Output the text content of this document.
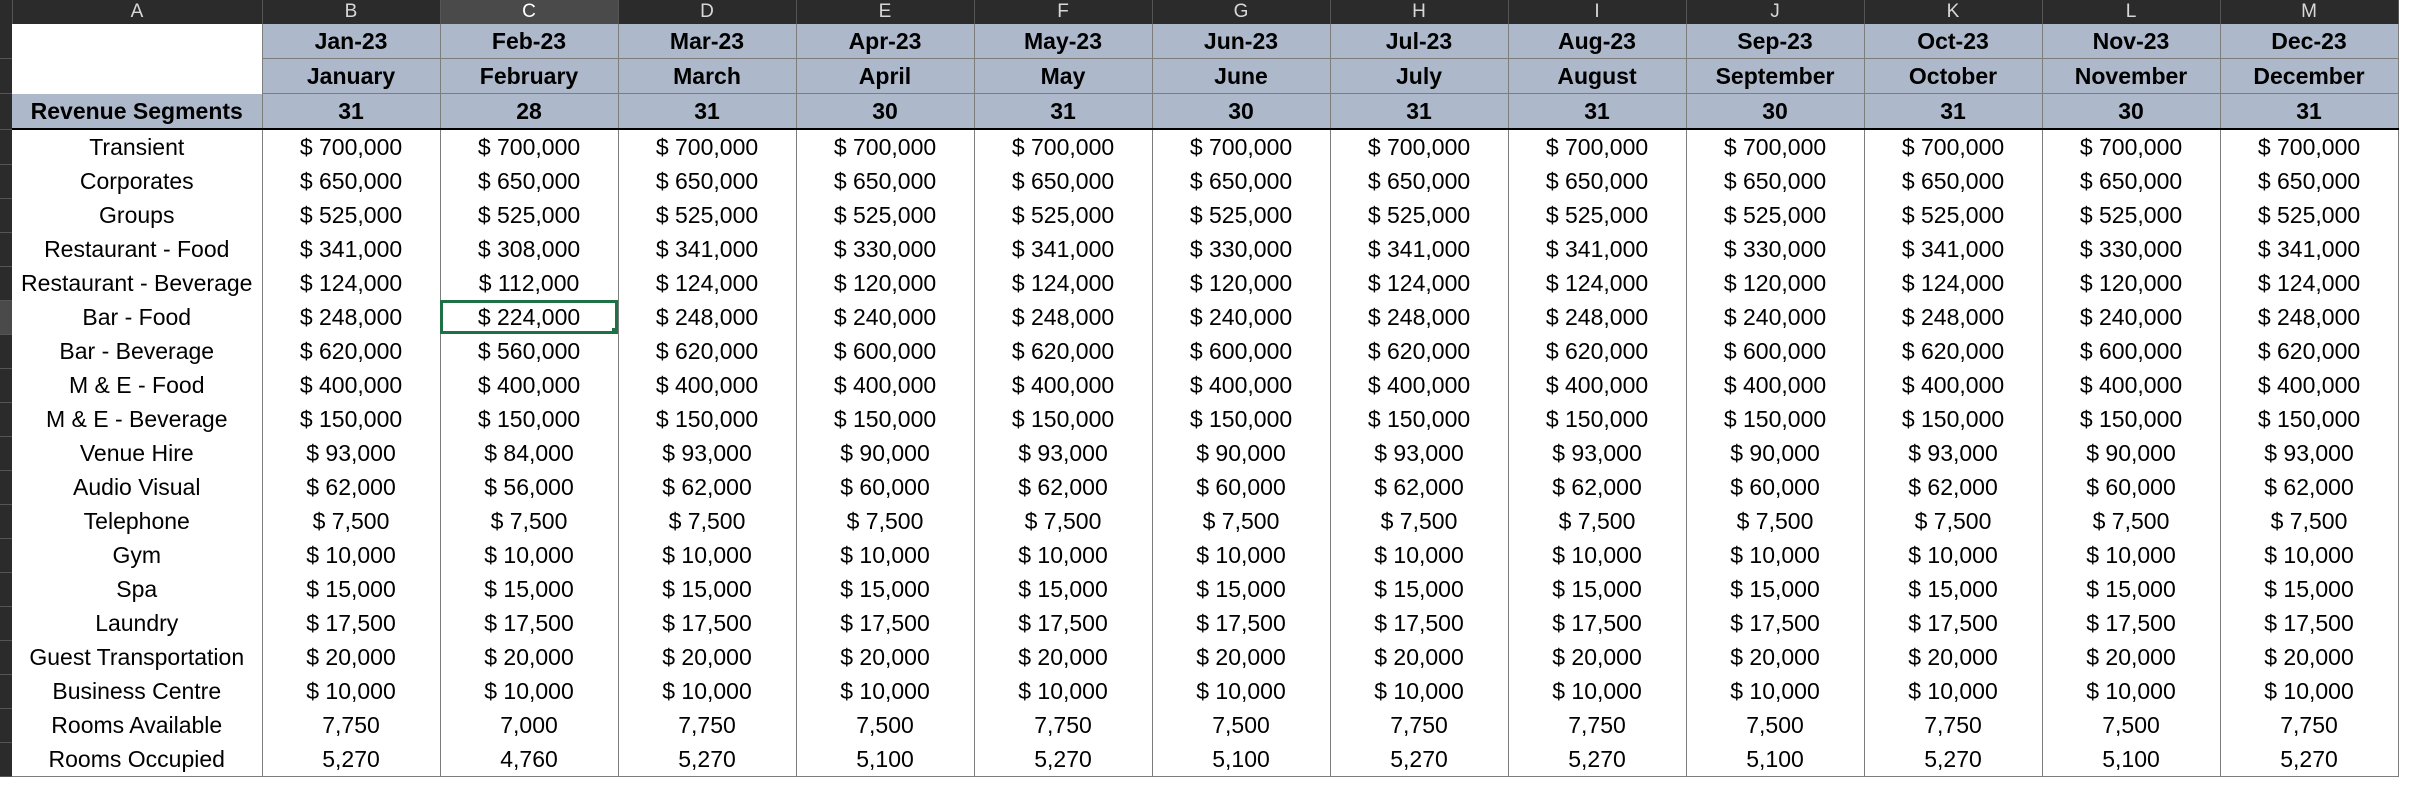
	A	B	C	D	E	F	G	H	I	J	K	L	M
		Jan-23	Feb-23	Mar-23	Apr-23	May-23	Jun-23	Jul-23	Aug-23	Sep-23	Oct-23	Nov-23	Dec-23
		January	February	March	April	May	June	July	August	September	October	November	December
	Revenue Segments	31	28	31	30	31	30	31	31	30	31	30	31
	Transient	$ 700,000	$ 700,000	$ 700,000	$ 700,000	$ 700,000	$ 700,000	$ 700,000	$ 700,000	$ 700,000	$ 700,000	$ 700,000	$ 700,000
	Corporates	$ 650,000	$ 650,000	$ 650,000	$ 650,000	$ 650,000	$ 650,000	$ 650,000	$ 650,000	$ 650,000	$ 650,000	$ 650,000	$ 650,000
	Groups	$ 525,000	$ 525,000	$ 525,000	$ 525,000	$ 525,000	$ 525,000	$ 525,000	$ 525,000	$ 525,000	$ 525,000	$ 525,000	$ 525,000
	Restaurant - Food	$ 341,000	$ 308,000	$ 341,000	$ 330,000	$ 341,000	$ 330,000	$ 341,000	$ 341,000	$ 330,000	$ 341,000	$ 330,000	$ 341,000
	Restaurant - Beverage	$ 124,000	$ 112,000	$ 124,000	$ 120,000	$ 124,000	$ 120,000	$ 124,000	$ 124,000	$ 120,000	$ 124,000	$ 120,000	$ 124,000
	Bar - Food	$ 248,000	$ 224,000	$ 248,000	$ 240,000	$ 248,000	$ 240,000	$ 248,000	$ 248,000	$ 240,000	$ 248,000	$ 240,000	$ 248,000
	Bar - Beverage	$ 620,000	$ 560,000	$ 620,000	$ 600,000	$ 620,000	$ 600,000	$ 620,000	$ 620,000	$ 600,000	$ 620,000	$ 600,000	$ 620,000
	M & E - Food	$ 400,000	$ 400,000	$ 400,000	$ 400,000	$ 400,000	$ 400,000	$ 400,000	$ 400,000	$ 400,000	$ 400,000	$ 400,000	$ 400,000
	M & E - Beverage	$ 150,000	$ 150,000	$ 150,000	$ 150,000	$ 150,000	$ 150,000	$ 150,000	$ 150,000	$ 150,000	$ 150,000	$ 150,000	$ 150,000
	Venue Hire	$ 93,000	$ 84,000	$ 93,000	$ 90,000	$ 93,000	$ 90,000	$ 93,000	$ 93,000	$ 90,000	$ 93,000	$ 90,000	$ 93,000
	Audio Visual	$ 62,000	$ 56,000	$ 62,000	$ 60,000	$ 62,000	$ 60,000	$ 62,000	$ 62,000	$ 60,000	$ 62,000	$ 60,000	$ 62,000
	Telephone	$ 7,500	$ 7,500	$ 7,500	$ 7,500	$ 7,500	$ 7,500	$ 7,500	$ 7,500	$ 7,500	$ 7,500	$ 7,500	$ 7,500
	Gym	$ 10,000	$ 10,000	$ 10,000	$ 10,000	$ 10,000	$ 10,000	$ 10,000	$ 10,000	$ 10,000	$ 10,000	$ 10,000	$ 10,000
	Spa	$ 15,000	$ 15,000	$ 15,000	$ 15,000	$ 15,000	$ 15,000	$ 15,000	$ 15,000	$ 15,000	$ 15,000	$ 15,000	$ 15,000
	Laundry	$ 17,500	$ 17,500	$ 17,500	$ 17,500	$ 17,500	$ 17,500	$ 17,500	$ 17,500	$ 17,500	$ 17,500	$ 17,500	$ 17,500
	Guest Transportation	$ 20,000	$ 20,000	$ 20,000	$ 20,000	$ 20,000	$ 20,000	$ 20,000	$ 20,000	$ 20,000	$ 20,000	$ 20,000	$ 20,000
	Business Centre	$ 10,000	$ 10,000	$ 10,000	$ 10,000	$ 10,000	$ 10,000	$ 10,000	$ 10,000	$ 10,000	$ 10,000	$ 10,000	$ 10,000
	Rooms Available	7,750	7,000	7,750	7,500	7,750	7,500	7,750	7,750	7,500	7,750	7,500	7,750
	Rooms Occupied	5,270	4,760	5,270	5,100	5,270	5,100	5,270	5,270	5,100	5,270	5,100	5,270
